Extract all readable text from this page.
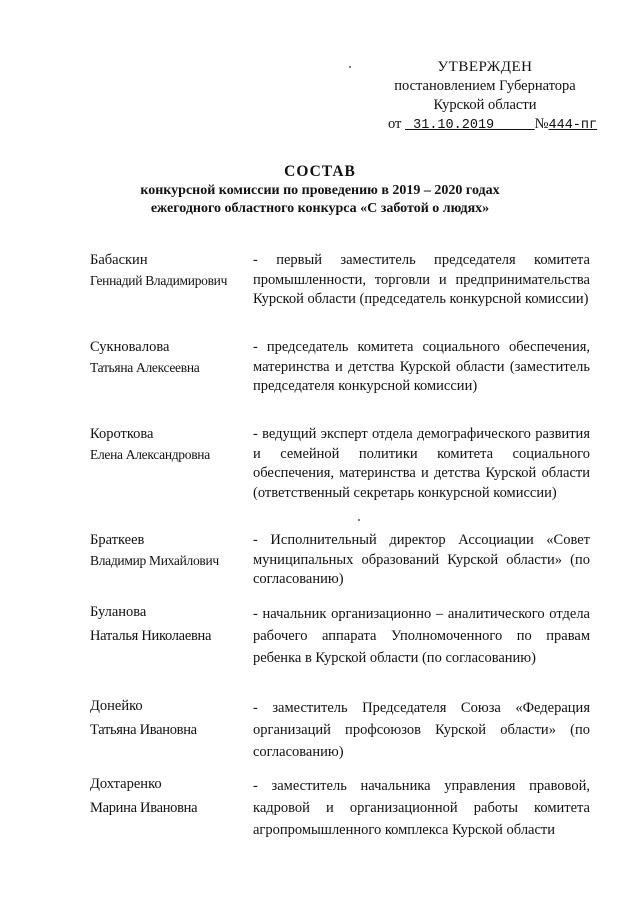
УТВЕРЖДЕН
постановлением Губернатора
Курской области
от  31.10.2019     №444-пг
СОСТАВ
конкурсной комиссии по проведению в 2019 – 2020 годах
ежегодного областного конкурса «С заботой о людях»
Бабаскин
Геннадий Владимирович
- первый заместитель председателя комитета промышленности, торговли и предпринимательства Курской области (председатель конкурсной комиссии)
Сукновалова
Татьяна Алексеевна
- председатель комитета социального обеспечения, материнства и детства Курской области (заместитель председателя конкурсной комиссии)
Короткова
Елена Александровна
- ведущий эксперт отдела демографического развития и семейной политики комитета социального обеспечения, материнства и детства Курской области (ответственный секретарь конкурсной комиссии)
Браткеев
Владимир Михайлович
- Исполнительный директор Ассоциации «Совет муниципальных образований Курской области» (по согласованию)
Буланова
Наталья Николаевна
- начальник организационно – аналитического отдела рабочего аппарата Уполномоченного по правам ребенка в Курской области (по согласованию)
Донейко
Татьяна Ивановна
- заместитель Председателя Союза «Федерация организаций профсоюзов Курской области» (по согласованию)
Дохтаренко
Марина Ивановна
- заместитель начальника управления правовой, кадровой и организационной работы комитета агропромышленного комплекса Курской области
